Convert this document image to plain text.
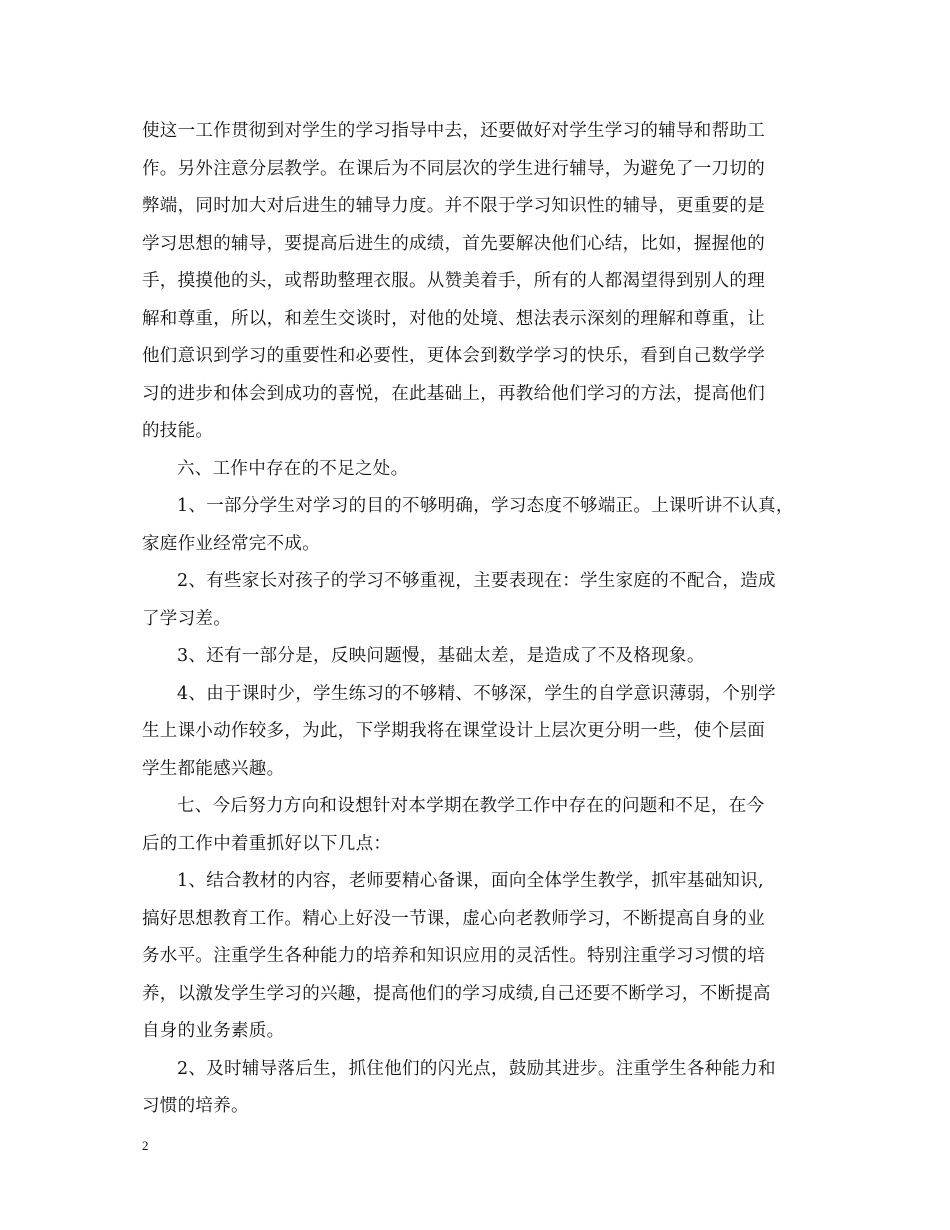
使这一工作贯彻到对学生的学习指导中去，还要做好对学生学习的辅导和帮助工
作。另外注意分层教学。在课后为不同层次的学生进行辅导，为避免了一刀切的
弊端，同时加大对后进生的辅导力度。并不限于学习知识性的辅导，更重要的是
学习思想的辅导，要提高后进生的成绩，首先要解决他们心结，比如，握握他的
手，摸摸他的头，或帮助整理衣服。从赞美着手，所有的人都渴望得到别人的理
解和尊重，所以，和差生交谈时，对他的处境、想法表示深刻的理解和尊重，让
他们意识到学习的重要性和必要性，更体会到数学学习的快乐，看到自己数学学
习的进步和体会到成功的喜悦，在此基础上，再教给他们学习的方法，提高他们
的技能。
六、工作中存在的不足之处。
1、一部分学生对学习的目的不够明确，学习态度不够端正。上课听讲不认真，
家庭作业经常完不成。
2、有些家长对孩子的学习不够重视，主要表现在：学生家庭的不配合，造成
了学习差。
3、还有一部分是，反映问题慢，基础太差，是造成了不及格现象。
4、由于课时少，学生练习的不够精、不够深，学生的自学意识薄弱，个别学
生上课小动作较多，为此，下学期我将在课堂设计上层次更分明一些，使个层面
学生都能感兴趣。
七、今后努力方向和设想针对本学期在教学工作中存在的问题和不足，在今
后的工作中着重抓好以下几点：
1、结合教材的内容，老师要精心备课，面向全体学生教学，抓牢基础知识,
搞好思想教育工作。精心上好没一节课，虚心向老教师学习，不断提高自身的业
务水平。注重学生各种能力的培养和知识应用的灵活性。特别注重学习习惯的培
养，以激发学生学习的兴趣，提高他们的学习成绩,自己还要不断学习，不断提高
自身的业务素质。
2、及时辅导落后生，抓住他们的闪光点，鼓励其进步。注重学生各种能力和
习惯的培养。
2
